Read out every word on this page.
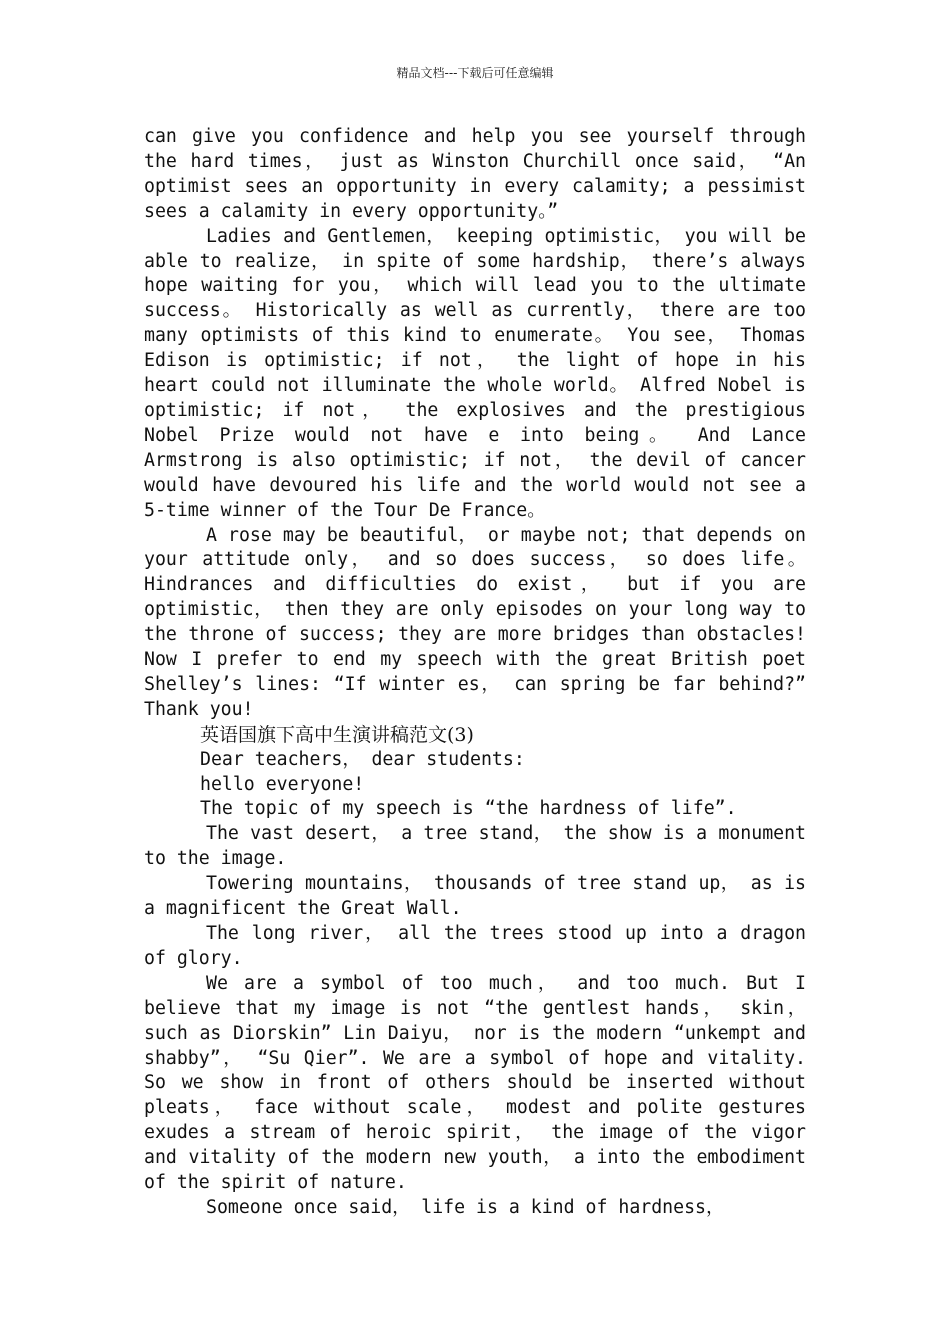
精品文档---下载后可任意编辑

can give you confidence and help you see yourself through the hard times， just as Winston Churchill once said， “An optimist sees an opportunity in every calamity; a pessimist sees a calamity in every opportunity。”

Ladies and Gentlemen， keeping optimistic， you will be able to realize， in spite of some hardship， there’s always hope waiting for you， which will lead you to the ultimate success。 Historically as well as currently， there are too many optimists of this kind to enumerate。 You see， Thomas Edison is optimistic; if not， the light of hope in his heart could not illuminate the whole world。 Alfred Nobel is optimistic; if not， the explosives and the prestigious Nobel Prize would not have e into being。 And Lance Armstrong is also optimistic; if not， the devil of cancer would have devoured his life and the world would not see a 5-time winner of the Tour De France。

A rose may be beautiful， or maybe not; that depends on your attitude only， and so does success， so does life。 Hindrances and difficulties do exist， but if you are optimistic， then they are only episodes on your long way to the throne of success; they are more bridges than obstacles! Now I prefer to end my speech with the great British poet Shelley’s lines: “If winter es， can spring be far behind?” Thank you!

英语国旗下高中生演讲稿范文(3)

Dear teachers， dear students:

hello everyone!

The topic of my speech is “the hardness of life”.

The vast desert， a tree stand， the show is a monument to the image.

Towering mountains， thousands of tree stand up， as is a magnificent the Great Wall.

The long river， all the trees stood up into a dragon of glory.

We are a symbol of too much， and too much. But I believe that my image is not “the gentlest hands， skin， such as Diorskin” Lin Daiyu， nor is the modern “unkempt and shabby”， “Su Qier”. We are a symbol of hope and vitality. So we show in front of others should be inserted without pleats， face without scale， modest and polite gestures exudes a stream of heroic spirit， the image of the vigor and vitality of the modern new youth， a into the embodiment of the spirit of nature.

Someone once said， life is a kind of hardness，
